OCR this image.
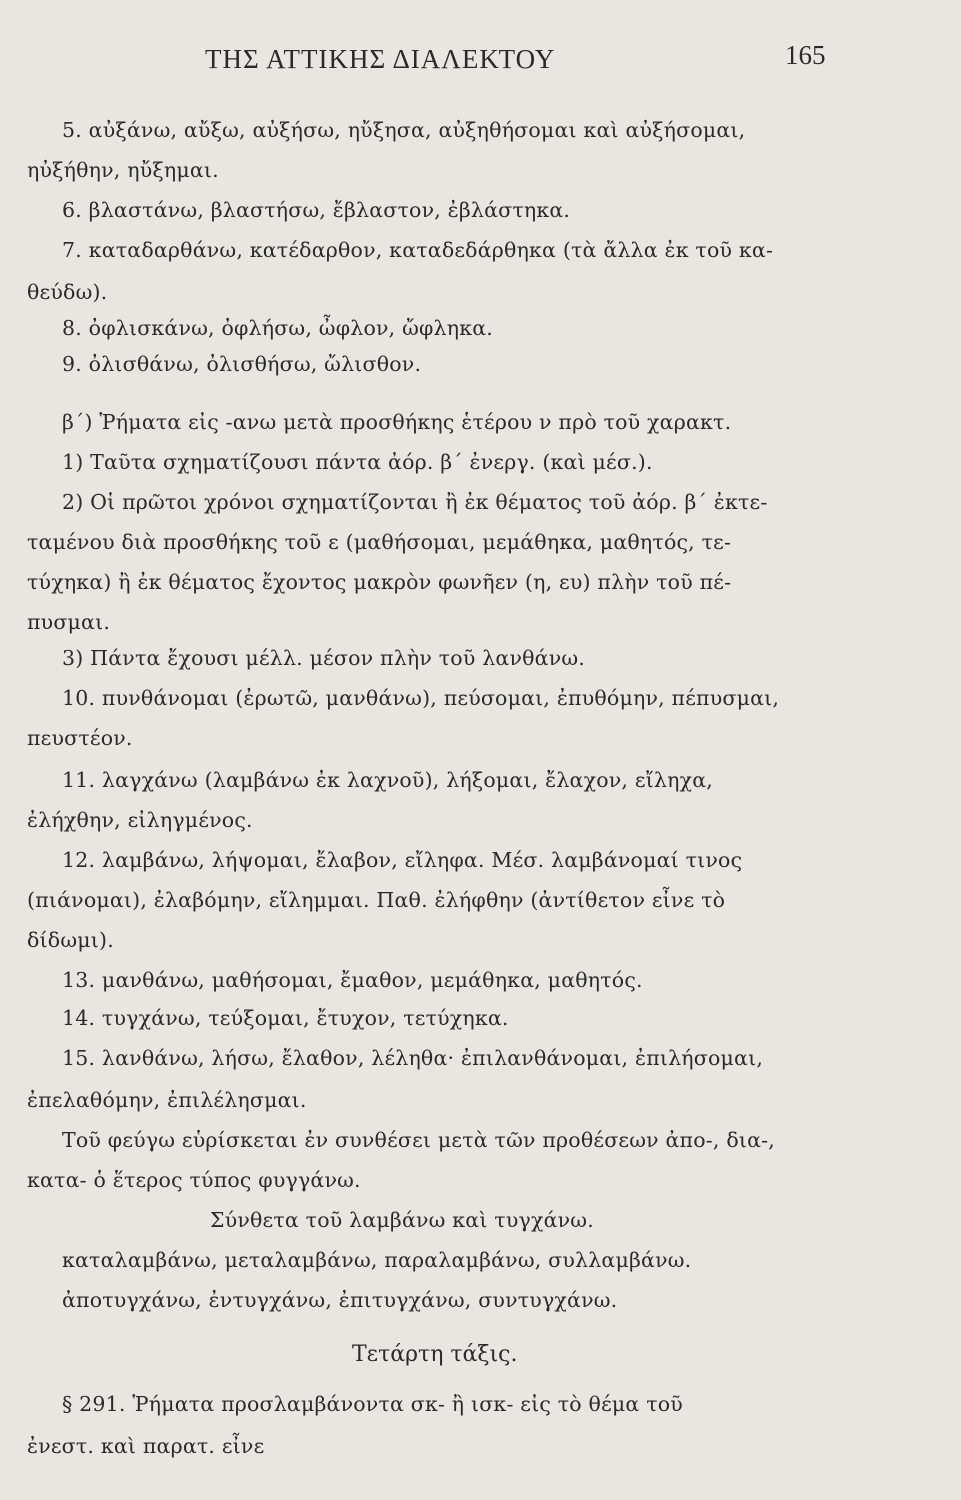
ΤΗΣ ΑΤΤΙΚΗΣ ΔΙΑΛΕΚΤΟΥ	165
5. αὐξάνω, αὔξω, αὐξήσω, ηὔξησα, αὐξηθήσομαι καὶ αὐξήσομαι,
ηὐξήθην, ηὔξημαι.
6. βλαστάνω, βλαστήσω, ἔβλαστον, ἐβλάστηκα.
7. καταδαρθάνω, κατέδαρθον, καταδεδάρθηκα (τὰ ἄλλα ἐκ τοῦ κα-
θεύδω).
8. ὀφλισκάνω, ὀφλήσω, ὦφλον, ὤφληκα.
9. ὀλισθάνω, ὀλισθήσω, ὤλισθον.
β΄) Ῥήματα εἰς -ανω μετὰ προσθήκης ἑτέρου ν πρὸ τοῦ χαρακτ.
1) Ταῦτα σχηματίζουσι πάντα ἀόρ. β΄ ἐνεργ. (καὶ μέσ.).
2) Οἱ πρῶτοι χρόνοι σχηματίζονται ἢ ἐκ θέματος τοῦ ἀόρ. β΄ ἐκτε-
ταμένου διὰ προσθήκης τοῦ ε (μαθήσομαι, μεμάθηκα, μαθητός, τε-
τύχηκα) ἢ ἐκ θέματος ἔχοντος μακρὸν φωνῆεν (η, ευ) πλὴν τοῦ πέ-
πυσμαι.
3) Πάντα ἔχουσι μέλλ. μέσον πλὴν τοῦ λανθάνω.
10. πυνθάνομαι (ἐρωτῶ, μανθάνω), πεύσομαι, ἐπυθόμην, πέπυσμαι,
πευστέον.
11. λαγχάνω (λαμβάνω ἐκ λαχνοῦ), λήξομαι, ἔλαχον, εἴληχα,
ἐλήχθην, εἰληγμένος.
12. λαμβάνω, λήψομαι, ἔλαβον, εἴληφα. Μέσ. λαμβάνομαί τινος
(πιάνομαι), ἐλαβόμην, εἴλημμαι. Παθ. ἐλήφθην (ἀντίθετον εἶνε τὸ
δίδωμι).
13. μανθάνω, μαθήσομαι, ἔμαθον, μεμάθηκα, μαθητός.
14. τυγχάνω, τεύξομαι, ἔτυχον, τετύχηκα.
15. λανθάνω, λήσω, ἔλαθον, λέληθα· ἐπιλανθάνομαι, ἐπιλήσομαι,
ἐπελαθόμην, ἐπιλέλησμαι.
Τοῦ φεύγω εὑρίσκεται ἐν συνθέσει μετὰ τῶν προθέσεων ἀπο-, δια-,
κατα- ὁ ἕτερος τύπος φυγγάνω.
Σύνθετα τοῦ λαμβάνω καὶ τυγχάνω.
καταλαμβάνω, μεταλαμβάνω, παραλαμβάνω, συλλαμβάνω.
ἀποτυγχάνω, ἐντυγχάνω, ἐπιτυγχάνω, συντυγχάνω.
Τετάρτη τάξις.
§ 291. Ῥήματα προσλαμβάνοντα σκ- ἢ ισκ- εἰς τὸ θέμα τοῦ
ἐνεστ. καὶ παρατ. εἶνε
